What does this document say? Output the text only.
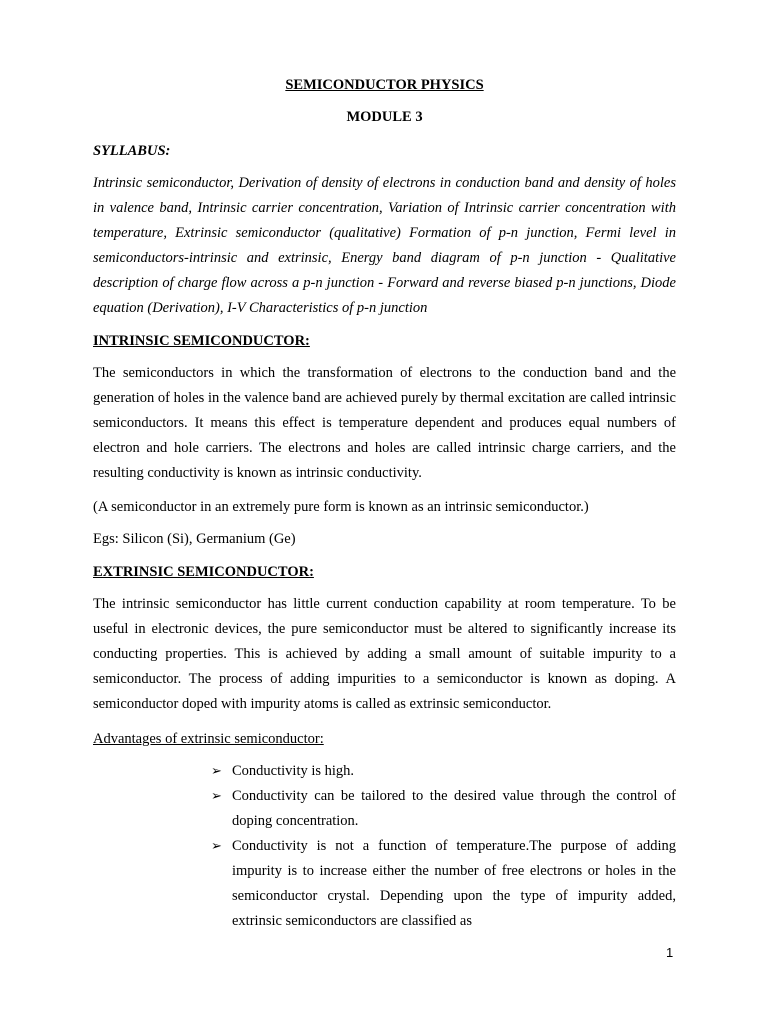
SEMICONDUCTOR PHYSICS
MODULE 3
SYLLABUS:

Intrinsic semiconductor, Derivation of density of electrons in conduction band and density of holes in valence band, Intrinsic carrier concentration, Variation of Intrinsic carrier concentration with temperature, Extrinsic semiconductor (qualitative) Formation of p-n junction, Fermi level in semiconductors-intrinsic and extrinsic, Energy band diagram of p-n junction - Qualitative description of charge flow across a p-n junction - Forward and reverse biased p-n junctions, Diode equation (Derivation), I-V Characteristics of p-n junction

INTRINSIC SEMICONDUCTOR:

The semiconductors in which the transformation of electrons to the conduction band and the generation of holes in the valence band are achieved purely by thermal excitation are called intrinsic semiconductors. It means this effect is temperature dependent and produces equal numbers of electron and hole carriers. The electrons and holes are called intrinsic charge carriers, and the resulting conductivity is known as intrinsic conductivity.

(A semiconductor in an extremely pure form is known as an intrinsic semiconductor.)
Egs: Silicon (Si), Germanium (Ge)
EXTRINSIC SEMICONDUCTOR:

The intrinsic semiconductor has little current conduction capability at room temperature. To be useful in electronic devices, the pure semiconductor must be altered to significantly increase its conducting properties. This is achieved by adding a small amount of suitable impurity to a semiconductor. The process of adding impurities to a semiconductor is known as doping. A semiconductor doped with impurity atoms is called as extrinsic semiconductor.

Advantages of extrinsic semiconductor:
➢ Conductivity is high.
➢ Conductivity can be tailored to the desired value through the control of doping concentration.
➢ Conductivity is not a function of temperature.The purpose of adding impurity is to increase either the number of free electrons or holes in the semiconductor crystal. Depending upon the type of impurity added, extrinsic semiconductors are classified as
1
